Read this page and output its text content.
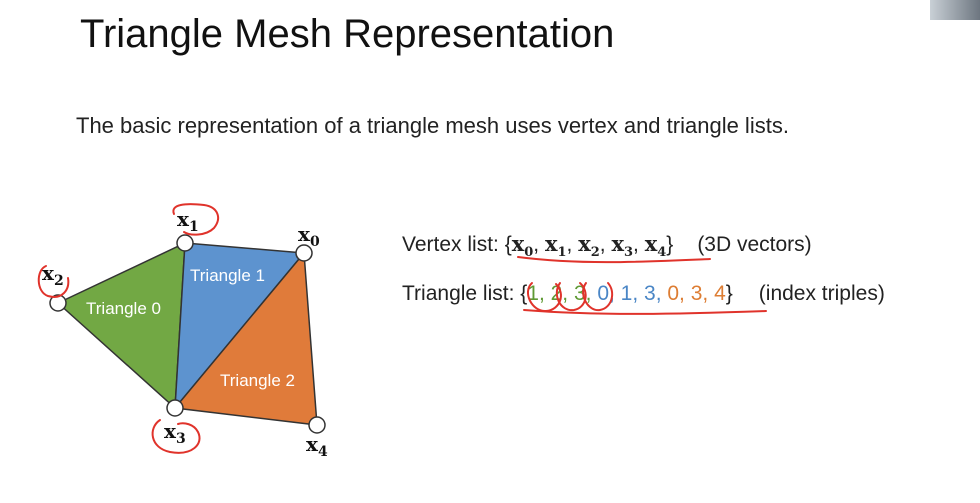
Triangle Mesh Representation
The basic representation of a triangle mesh uses vertex and triangle lists.
Triangle 0
Triangle 1
Triangle 2
x0
x1
x2
x3	x4
Vertex list: {$x_0$, $x_1$, $x_2$, $x_3$, $x_4$} (3D vectors)
Triangle list: {1, 2, 3, 0, 1, 3, 0, 3, 4} (index triples)
